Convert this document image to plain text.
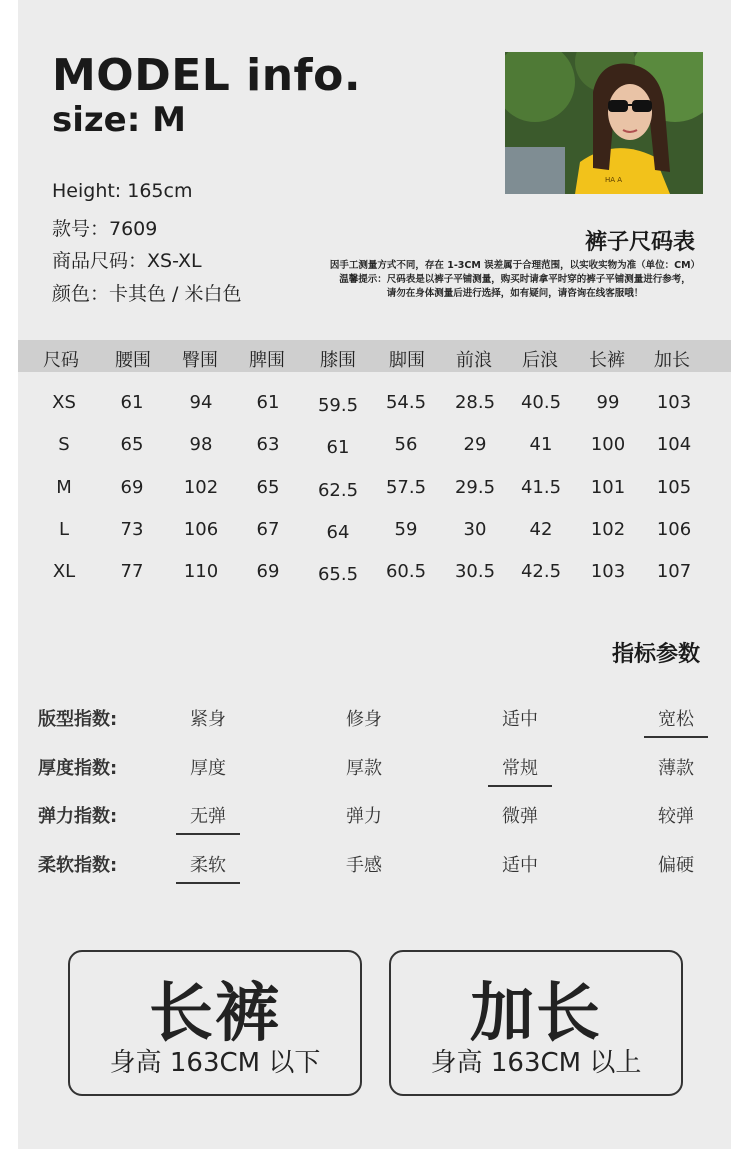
MODEL info.
size: M
Height: 165cm
款号：7609
商品尺码：XS-XL
颜色：卡其色 / 米白色
HA A
裤子尺码表
因手工测量方式不同，存在 1-3CM 误差属于合理范围，以实收实物为准（单位：CM）
温馨提示：尺码表是以裤子平铺测量，购买时请拿平时穿的裤子平铺测量进行参考，
请勿在身体测量后进行选择，如有疑问，请咨询在线客服哦！
尺码	腰围	臀围	脾围	膝围	脚围	前浪	后浪	长裤	加长
XS	61	94	61	59.5	54.5	28.5	40.5	99	103
S	65	98	63	61	56	29	41	100	104
M	69	102	65	62.5	57.5	29.5	41.5	101	105
L	73	106	67	64	59	30	42	102	106
XL	77	110	69	65.5	60.5	30.5	42.5	103	107
指标参数
版型指数:	紧身	修身	适中	宽松
厚度指数:	厚度	厚款	常规	薄款
弹力指数:	无弹	弹力	微弹	较弹
柔软指数:	柔软	手感	适中	偏硬
长裤
身高 163CM 以下
加长
身高 163CM 以上
